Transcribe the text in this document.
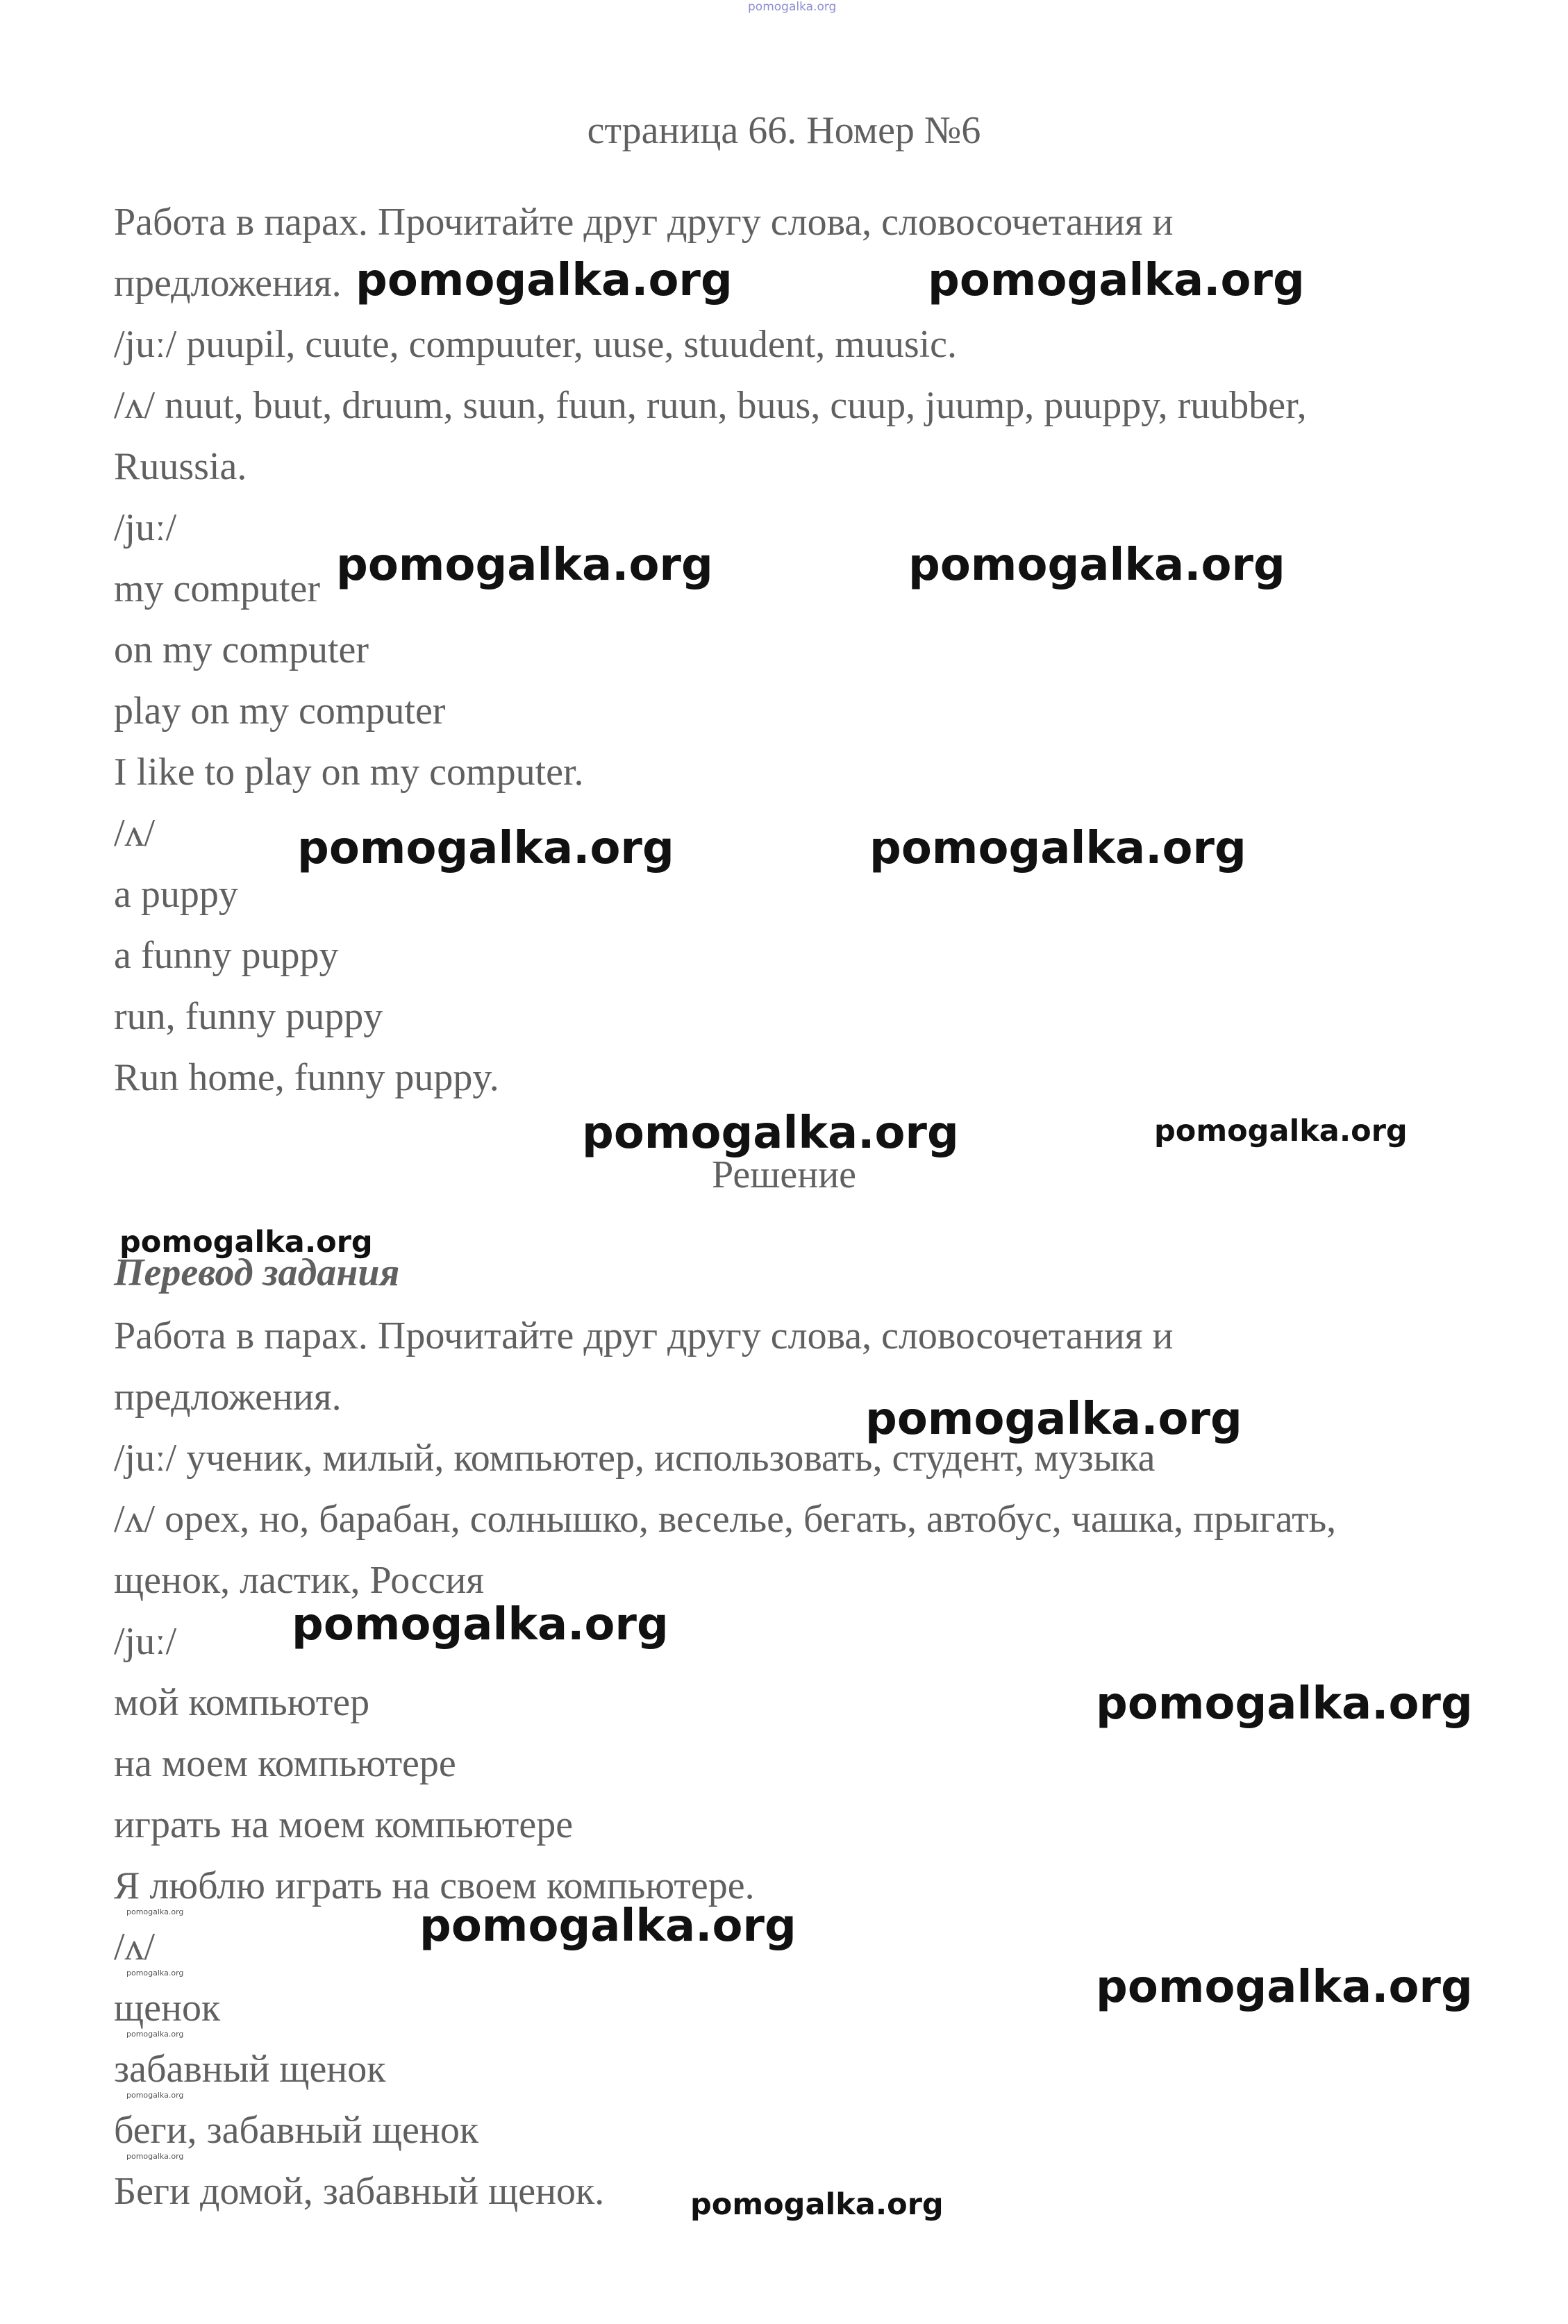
pomogalka.org
страница 66. Номер №6
Работа в парах. Прочитайте друг другу слова, словосочетания и
предложения.
/juː/ puupil, cuute, compuuter, uuse, stuudent, muusic.
/ʌ/ nuut, buut, druum, suun, fuun, ruun, buus, cuup, juump, puuppy, ruubber,
Ruussia.
/juː/
my computer
on my computer
play on my computer
I like to play on my computer.
/ʌ/
a puppy
a funny puppy
run, funny puppy
Run home, funny puppy.
Решение
Перевод задания
Работа в парах. Прочитайте друг другу слова, словосочетания и
предложения.
/juː/ ученик, милый, компьютер, использовать, студент, музыка
/ʌ/ орех, но, барабан, солнышко, веселье, бегать, автобус, чашка, прыгать,
щенок, ластик, Россия
/juː/
мой компьютер
на моем компьютере
играть на моем компьютере
Я люблю играть на своем компьютере.
/ʌ/
щенок
забавный щенок
беги, забавный щенок
Беги домой, забавный щенок.
pomogalka.org	pomogalka.org
pomogalka.org	pomogalka.org
pomogalka.org	pomogalka.org
pomogalka.org	pomogalka.org
pomogalka.org
pomogalka.org
pomogalka.org
pomogalka.org
pomogalka.org
pomogalka.org
pomogalka.org
pomogalka.org
pomogalka.org
pomogalka.org
pomogalka.org
pomogalka.org
